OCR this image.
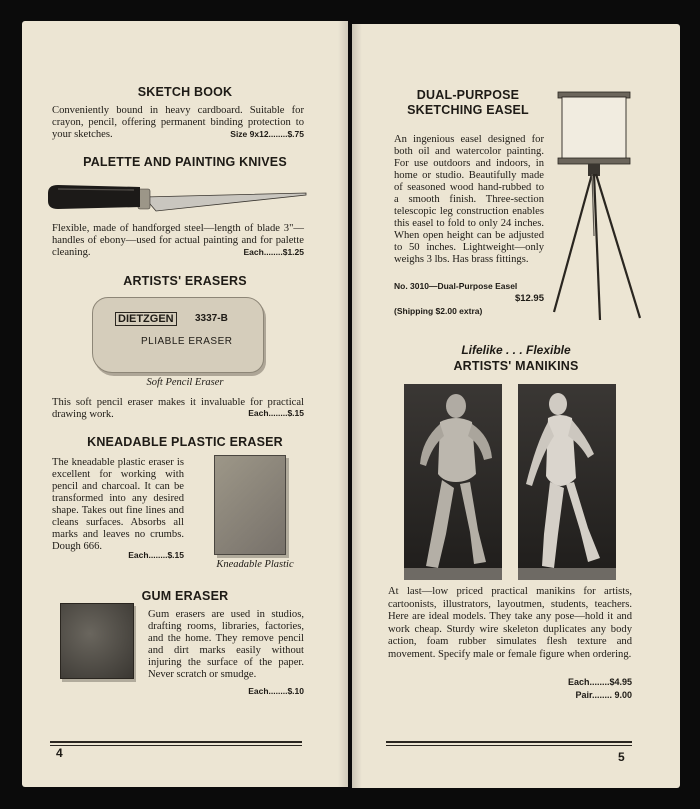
SKETCH BOOK
Conveniently bound in heavy cardboard. Suitable for crayon, pencil, offering permanent binding protection to your sketches.	Size 9x12........$.75
PALETTE AND PAINTING KNIVES
Flexible, made of handforged steel—length of blade 3"—handles of ebony—used for actual painting and for palette cleaning.	Each........$1.25
ARTISTS' ERASERS
DIETZGEN	3337-B
PLIABLE ERASER
Soft Pencil Eraser
This soft pencil eraser makes it invaluable for practical drawing work.	Each........$.15
KNEADABLE PLASTIC ERASER
The kneadable plastic eraser is excellent for working with pencil and charcoal. It can be transformed into any desired shape. Takes out fine lines and cleans surfaces. Absorbs all marks and leaves no crumbs. Dough 666.
Each........$.15
Kneadable Plastic
GUM ERASER
Gum erasers are used in studios, drafting rooms, libraries, factories, and the home. They remove pencil and dirt marks easily without injuring the surface of the paper. Never scratch or smudge.
Each........$.10
4
DUAL-PURPOSE
SKETCHING EASEL
An ingenious easel designed for both oil and watercolor painting. For use outdoors and indoors, in home or studio. Beautifully made of seasoned wood hand-rubbed to a smooth finish. Three-section telescopic leg construction enables this easel to fold to only 24 inches. When open height can be adjusted to 50 inches. Lightweight—only weighs 3 lbs. Has brass fittings.
No. 3010—Dual-Purpose Easel
$12.95
(Shipping $2.00 extra)
Lifelike . . . Flexible
ARTISTS' MANIKINS
At last—low priced practical manikins for artists, cartoonists, illustrators, layoutmen, students, teachers. Here are ideal models. They take any pose—hold it and work cheap. Sturdy wire skeleton duplicates any body action, foam rubber simulates flesh texture and movement. Specify male or female figure when ordering.
Each........$4.95
Pair........ 9.00
5
